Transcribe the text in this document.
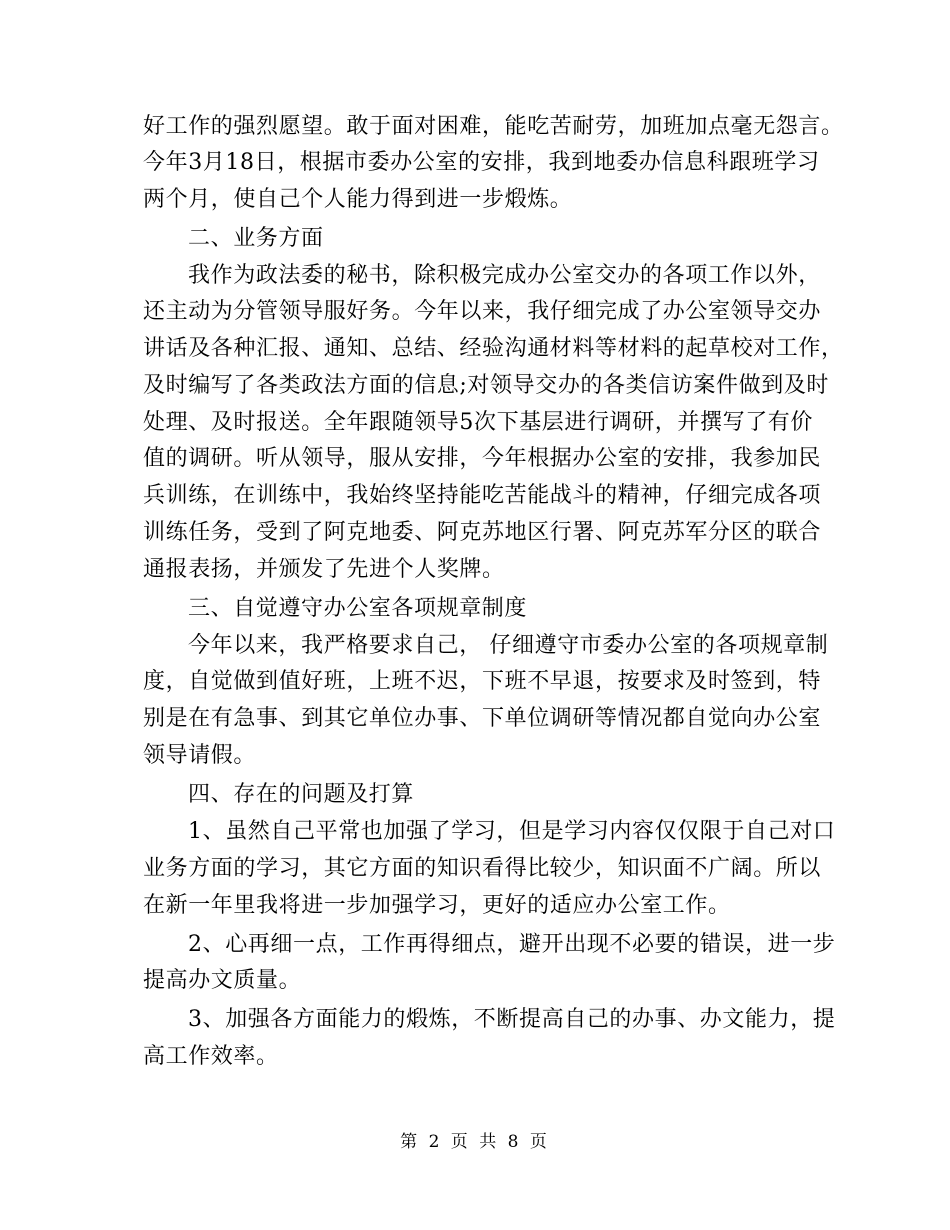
好工作的强烈愿望。敢于面对困难，能吃苦耐劳，加班加点毫无怨言。
今年3月18日，根据市委办公室的安排，我到地委办信息科跟班学习
两个月，使自己个人能力得到进一步煅炼。
二、业务方面
我作为政法委的秘书，除积极完成办公室交办的各项工作以外，
还主动为分管领导服好务。今年以来，我仔细完成了办公室领导交办
讲话及各种汇报、通知、总结、经验沟通材料等材料的起草校对工作，
及时编写了各类政法方面的信息;对领导交办的各类信访案件做到及时
处理、及时报送。全年跟随领导5次下基层进行调研，并撰写了有价
值的调研。听从领导，服从安排，今年根据办公室的安排，我参加民
兵训练，在训练中，我始终坚持能吃苦能战斗的精神，仔细完成各项
训练任务，受到了阿克地委、阿克苏地区行署、阿克苏军分区的联合
通报表扬，并颁发了先进个人奖牌。
三、自觉遵守办公室各项规章制度
今年以来，我严格要求自己， 仔细遵守市委办公室的各项规章制
度，自觉做到值好班，上班不迟，下班不早退，按要求及时签到，特
别是在有急事、到其它单位办事、下单位调研等情况都自觉向办公室
领导请假。
四、存在的问题及打算
1、虽然自己平常也加强了学习，但是学习内容仅仅限于自己对口
业务方面的学习，其它方面的知识看得比较少，知识面不广阔。所以
在新一年里我将进一步加强学习，更好的适应办公室工作。
2、心再细一点，工作再得细点，避开出现不必要的错误，进一步
提高办文质量。
3、加强各方面能力的煅炼，不断提高自己的办事、办文能力，提
高工作效率。
第 2 页 共 8 页
